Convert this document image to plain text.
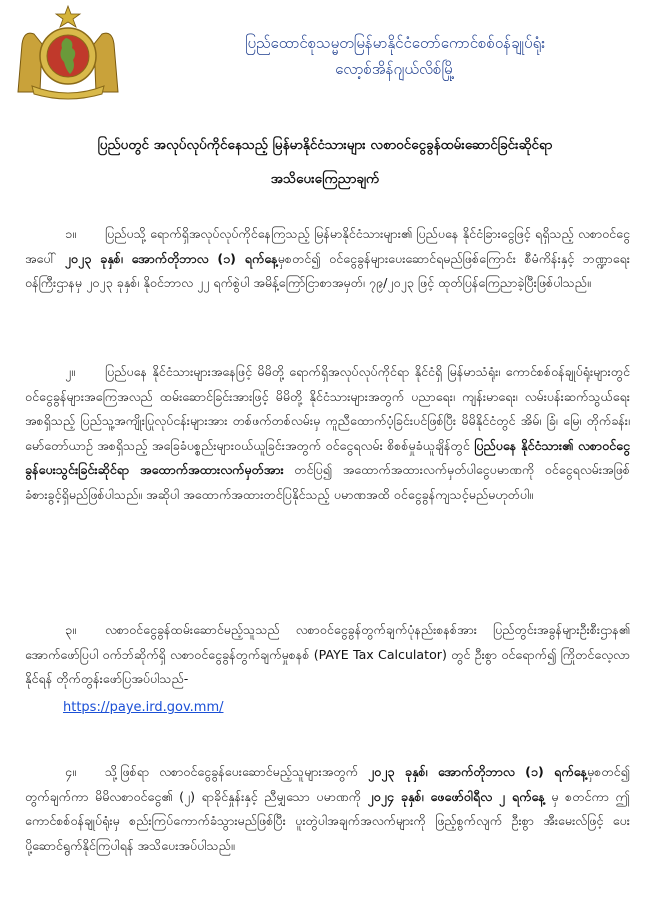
ပြည်ထောင်စုသမ္မတမြန်မာနိုင်ငံတော်ကောင်စစ်ဝန်ချုပ်ရုံး
လော့စ်အိန်ဂျယ်လိစ်မြို့
ပြည်ပတွင် အလုပ်လုပ်ကိုင်နေသည့် မြန်မာနိုင်ငံသားများ လစာဝင်ငွေခွန်ထမ်းဆောင်ခြင်းဆိုင်ရာ
အသိပေးကြေညာချက်
၁။ ပြည်ပသို့ ရောက်ရှိအလုပ်လုပ်ကိုင်နေကြသည့် မြန်မာနိုင်ငံသားများ၏ ပြည်ပနေ နိုင်ငံခြားငွေဖြင့် ရရှိသည့် လစာဝင်ငွေအပေါ် ၂၀၂၃ ခုနှစ်၊ အောက်တိုဘာလ (၁) ရက်နေ့မှစတင်၍ ဝင်ငွေခွန်များပေးဆောင်ရမည်ဖြစ်ကြောင်း စီမံကိန်းနှင့် ဘဏ္ဍာရေးဝန်ကြီးဌာနမှ ၂၀၂၃ ခုနှစ်၊ နိုဝင်ဘာလ ၂၂ ရက်စွဲပါ အမိန့်ကြော်ငြာစာအမှတ်၊ ၇၉/၂၀၂၃ ဖြင့် ထုတ်ပြန်ကြေညာခဲ့ပြီးဖြစ်ပါသည်။
၂။ ပြည်ပနေ နိုင်ငံသားများအနေဖြင့် မိမိတို့ ရောက်ရှိအလုပ်လုပ်ကိုင်ရာ နိုင်ငံရှိ မြန်မာသံရုံး၊ ကောင်စစ်ဝန်ချုပ်ရုံးများတွင် ဝင်ငွေခွန်များအကြေအလည် ထမ်းဆောင်ခြင်းအားဖြင့် မိမိတို့ နိုင်ငံသားများအတွက် ပညာရေး၊ ကျန်းမာရေး၊ လမ်းပန်းဆက်သွယ်ရေး အစရှိသည့် ပြည်သူ့အကျိုးပြုလုပ်ငန်းများအား တစ်ဖက်တစ်လမ်းမှ ကူညီထောက်ပံ့ခြင်းပင်ဖြစ်ပြီး မိမိနိုင်ငံတွင် အိမ်၊ ခြံ၊ မြေ၊ တိုက်ခန်း၊ မော်တော်ယာဉ် အစရှိသည့် အခြေခံပစ္စည်းများဝယ်ယူခြင်းအတွက် ဝင်ငွေရလမ်း စိစစ်မှုခံယူချိန်တွင် ပြည်ပနေ နိုင်ငံသား၏ လစာဝင်ငွေခွန်ပေးသွင်းခြင်းဆိုင်ရာ အထောက်အထားလက်မှတ်အား တင်ပြ၍ အထောက်အထားလက်မှတ်ပါငွေပမာဏကို ဝင်ငွေရလမ်းအဖြစ် ခံစားခွင့်ရှိမည်ဖြစ်ပါသည်။ အဆိုပါ အထောက်အထားတင်ပြနိုင်သည့် ပမာဏအထိ ဝင်ငွေခွန်ကျသင့်မည်မဟုတ်ပါ။
၃။ လစာဝင်ငွေခွန်ထမ်းဆောင်မည့်သူသည် လစာဝင်ငွေခွန်တွက်ချက်ပုံနည်းစနစ်အား ပြည်တွင်းအခွန်များဦးစီးဌာန၏ အောက်ဖော်ပြပါ ဝက်ဘ်ဆိုက်ရှိ လစာဝင်ငွေခွန်တွက်ချက်မှုစနစ် (PAYE Tax Calculator) တွင် ဦးစွာ ဝင်ရောက်၍ ကြိုတင်လေ့လာနိုင်ရန် တိုက်တွန်းဖော်ပြအပ်ပါသည်-
https://paye.ird.gov.mm/
၄။ သို့ဖြစ်ရာ လစာဝင်ငွေခွန်ပေးဆောင်မည့်သူများအတွက် ၂၀၂၃ ခုနှစ်၊ အောက်တိုဘာလ (၁) ရက်နေ့မှစတင်၍ တွက်ချက်ကာ မိမိလစာဝင်ငွေ၏ (၂) ရာခိုင်နှုန်းနှင့် ညီမျှသော ပမာဏကို ၂၀၂၄ ခုနှစ်၊ ဖေဖော်ဝါရီလ ၂ ရက်နေ့ မှ စတင်ကာ ဤကောင်စစ်ဝန်ချုပ်ရုံးမှ စည်းကြပ်ကောက်ခံသွားမည်ဖြစ်ပြီး ပူးတွဲပါအချက်အလက်များကို ဖြည့်စွက်လျက် ဦးစွာ အီးမေးလ်ဖြင့် ပေးပို့ဆောင်ရွက်နိုင်ကြပါရန် အသိပေးအပ်ပါသည်။
